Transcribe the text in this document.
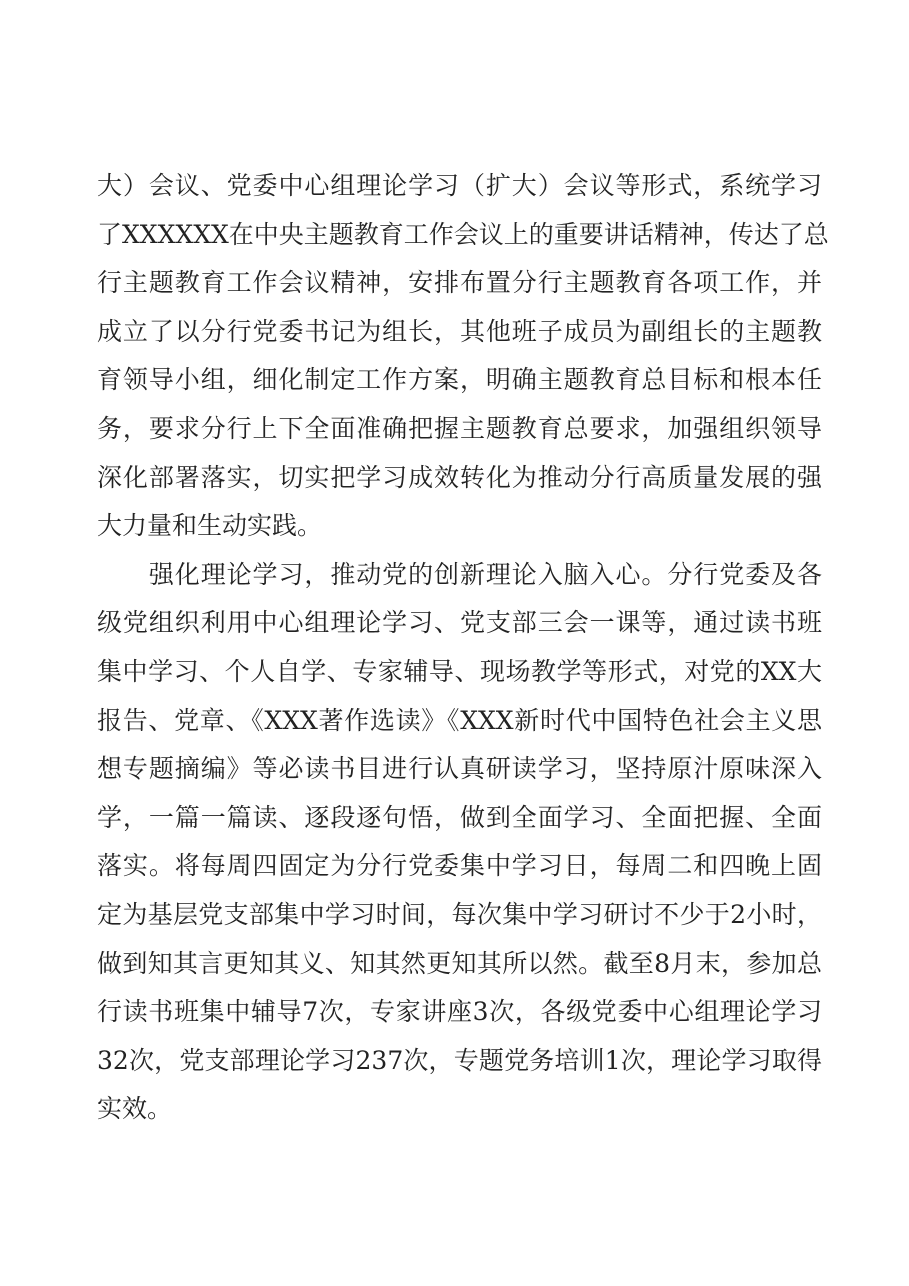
大）会议、党委中心组理论学习（扩大）会议等形式，系统学习
了XXXXXX在中央主题教育工作会议上的重要讲话精神，传达了总
行主题教育工作会议精神，安排布置分行主题教育各项工作，并
成立了以分行党委书记为组长，其他班子成员为副组长的主题教
育领导小组，细化制定工作方案，明确主题教育总目标和根本任
务，要求分行上下全面准确把握主题教育总要求，加强组织领导
深化部署落实，切实把学习成效转化为推动分行高质量发展的强
大力量和生动实践。
　　强化理论学习，推动党的创新理论入脑入心。分行党委及各
级党组织利用中心组理论学习、党支部三会一课等，通过读书班
集中学习、个人自学、专家辅导、现场教学等形式，对党的XX大
报告、党章、《XXX著作选读》《XXX新时代中国特色社会主义思
想专题摘编》等必读书目进行认真研读学习，坚持原汁原味深入
学，一篇一篇读、逐段逐句悟，做到全面学习、全面把握、全面
落实。将每周四固定为分行党委集中学习日，每周二和四晚上固
定为基层党支部集中学习时间，每次集中学习研讨不少于2小时，
做到知其言更知其义、知其然更知其所以然。截至8月末，参加总
行读书班集中辅导7次，专家讲座3次，各级党委中心组理论学习
32次，党支部理论学习237次，专题党务培训1次，理论学习取得
实效。
